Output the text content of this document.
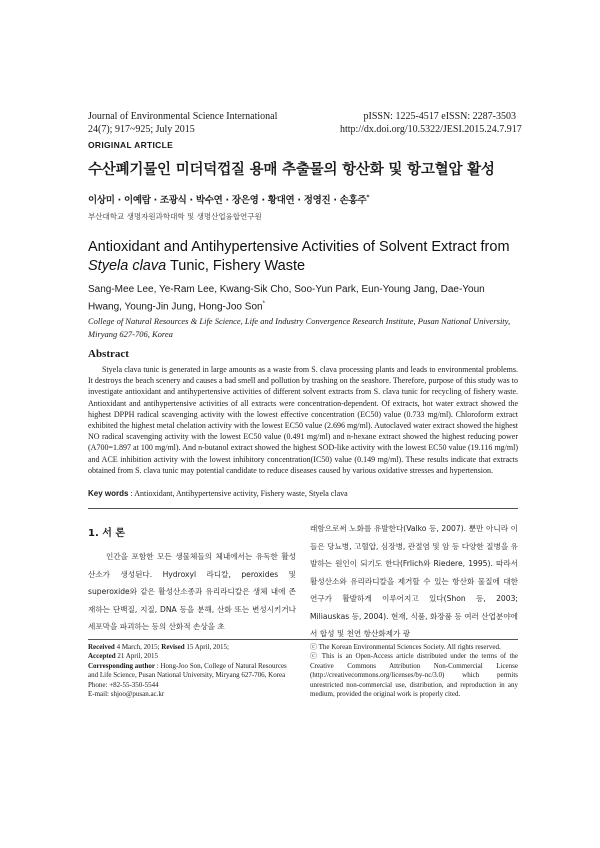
Journal of Environmental Science International
24(7); 917~925; July 2015
pISSN: 1225-4517 eISSN: 2287-3503
http://dx.doi.org/10.5322/JESI.2015.24.7.917
ORIGINAL ARTICLE
수산폐기물인 미더덕껍질 용매 추출물의 항산화 및 항고혈압 활성
이상미 · 이예람 · 조광식 · 박수연 · 장은영 · 황대연 · 정영진 · 손홍주*
부산대학교 생명자원과학대학 및 생명산업융합연구원
Antioxidant and Antihypertensive Activities of Solvent Extract from
Styela clava Tunic, Fishery Waste
Sang-Mee Lee, Ye-Ram Lee, Kwang-Sik Cho, Soo-Yun Park, Eun-Young Jang, Dae-Youn Hwang, Young-Jin Jung, Hong-Joo Son*
College of Natural Resources & Life Science, Life and Industry Convergence Research Institute, Pusan National University, Miryang 627-706, Korea
Abstract
Styela clava tunic is generated in large amounts as a waste from S. clava processing plants and leads to environmental problems. It destroys the beach scenery and causes a bad smell and pollution by trashing on the seashore. Therefore, purpose of this study was to investigate antioxidant and antihypertensive activities of different solvent extracts from S. clava tunic for recycling of fishery waste. Antioxidant and antihypertensive activities of all extracts were concentration-dependent. Of extracts, hot water extract showed the highest DPPH radical scavenging activity with the lowest effective concentration (EC50) value (0.733 mg/ml). Chloroform extract exhibited the highest metal chelation activity with the lowest EC50 value (2.696 mg/ml). Autoclaved water extract showed the highest NO radical scavenging activity with the lowest EC50 value (0.491 mg/ml) and n-hexane extract showed the highest reducing power (A700=1.897 at 100 mg/ml). And n-butanol extract showed the highest SOD-like activity with the lowest EC50 value (19.116 mg/ml) and ACE inhibition activity with the lowest inhibitory concentration(IC50) value (0.149 mg/ml). These results indicate that extracts obtained from S. clava tunic may potential candidate to reduce diseases caused by various oxidative stresses and hypertension.
Key words : Antioxidant, Antihypertensive activity, Fishery waste, Styela clava
1. 서 론
인간을 포함한 모든 생물체들의 체내에서는 유독한 활성산소가 생성된다. Hydroxyl 라디칼, peroxides 및 superoxide와 같은 활성산소종과 유리라디칼은 생체 내에 존재하는 단백질, 지질, DNA 등을 분해, 산화 또는 변성시키거나 세포막을 파괴하는 등의 산화적 손상을 초
래함으로써 노화를 유발한다(Valko 등, 2007). 뿐만 아니라 이들은 당뇨병, 고혈압, 심장병, 관절염 및 암 등 다양한 질병을 유발하는 원인이 되기도 한다(Frlich와 Riedere, 1995). 따라서 활성산소와 유리라디칼을 제거할 수 있는 항산화 물질에 대한 연구가 활발하게 이루어지고 있다(Shon 등, 2003; Miliauskas 등, 2004). 현재, 식품, 화장품 등 여러 산업분야에서 합성 및 천연 항산화제가 광
Received 4 March, 2015; Revised 15 April, 2015;
Accepted 21 April, 2015
Corresponding author : Hong-Joo Son, College of Natural Resources and Life Science, Pusan National University, Miryang 627-706, Korea
Phone: +82-55-350-5544
E-mail: shjoo@pusan.ac.kr
ⓒ The Korean Environmental Sciences Society. All rights reserved.
ⓒ This is an Open-Access article distributed under the terms of the Creative Commons Attribution Non-Commercial License (http://creativecommons.org/licenses/by-nc/3.0) which permits unrestricted non-commercial use, distribution, and reproduction in any medium, provided the original work is properly cited.
